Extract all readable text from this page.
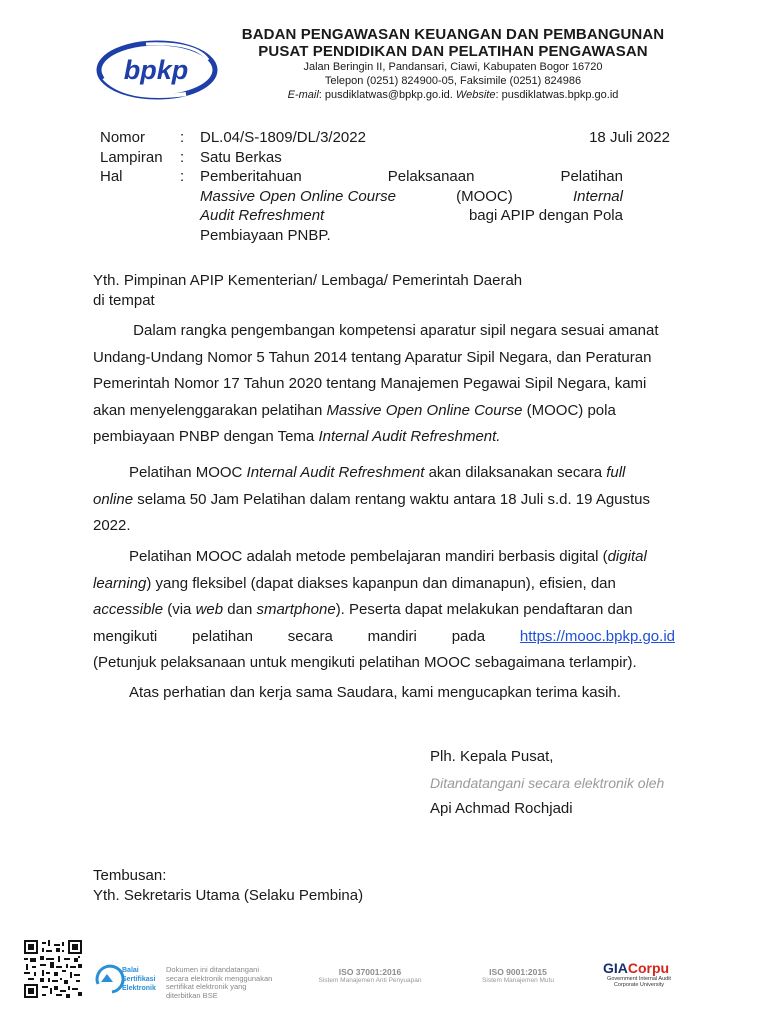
bpkp
BADAN PENGAWASAN KEUANGAN DAN PEMBANGUNAN
PUSAT PENDIDIKAN DAN PELATIHAN PENGAWASAN
Jalan Beringin II, Pandansari, Ciawi, Kabupaten Bogor 16720
Telepon (0251) 824900-05, Faksimile (0251) 824986
E-mail: pusdiklatwas@bpkp.go.id. Website: pusdiklatwas.bpkp.go.id
Nomor : DL.04/S-1809/DL/3/2022	18 Juli 2022
Lampiran : Satu Berkas
Hal	: Pemberitahuan	Pelaksanaan	Pelatihan
Massive Open Online Course	(MOOC)	Internal
Audit Refreshment	bagi APIP dengan Pola
Pembiayaan PNBP.
Yth. Pimpinan APIP Kementerian/ Lembaga/ Pemerintah Daerah
di tempat
Dalam rangka pengembangan kompetensi aparatur sipil negara sesuai amanat
Undang-Undang Nomor 5 Tahun 2014 tentang Aparatur Sipil Negara, dan Peraturan
Pemerintah Nomor 17 Tahun 2020 tentang Manajemen Pegawai Sipil Negara, kami
akan menyelenggarakan pelatihan Massive Open Online Course (MOOC) pola
pembiayaan PNBP dengan Tema Internal Audit Refreshment.
Pelatihan MOOC Internal Audit Refreshment akan dilaksanakan secara full
online selama 50 Jam Pelatihan dalam rentang waktu antara 18 Juli s.d. 19 Agustus
2022.
Pelatihan MOOC adalah metode pembelajaran mandiri berbasis digital (digital
learning) yang fleksibel (dapat diakses kapanpun dan dimanapun), efisien, dan
accessible (via web dan smartphone). Peserta dapat melakukan pendaftaran dan
mengikuti pelatihan secara mandiri pada https://mooc.bpkp.go.id
(Petunjuk pelaksanaan untuk mengikuti pelatihan MOOC sebagaimana terlampir).
Atas perhatian dan kerja sama Saudara, kami mengucapkan terima kasih.
Plh. Kepala Pusat,
Ditandatangani secara elektronik oleh
Api Achmad Rochjadi
Tembusan:
Yth. Sekretaris Utama (Selaku Pembina)
Balai
Sertifikasi
Elektronik
Dokumen ini ditandatangani secara elektronik menggunakan sertifikat elektronik yang diterbitkan BSE
ISO 37001:2016
Sistem Manajemen Anti Penyuapan
ISO 9001:2015
Sistem Manajemen Mutu
GIACorpu
Government Internal Audit
Corporate University
